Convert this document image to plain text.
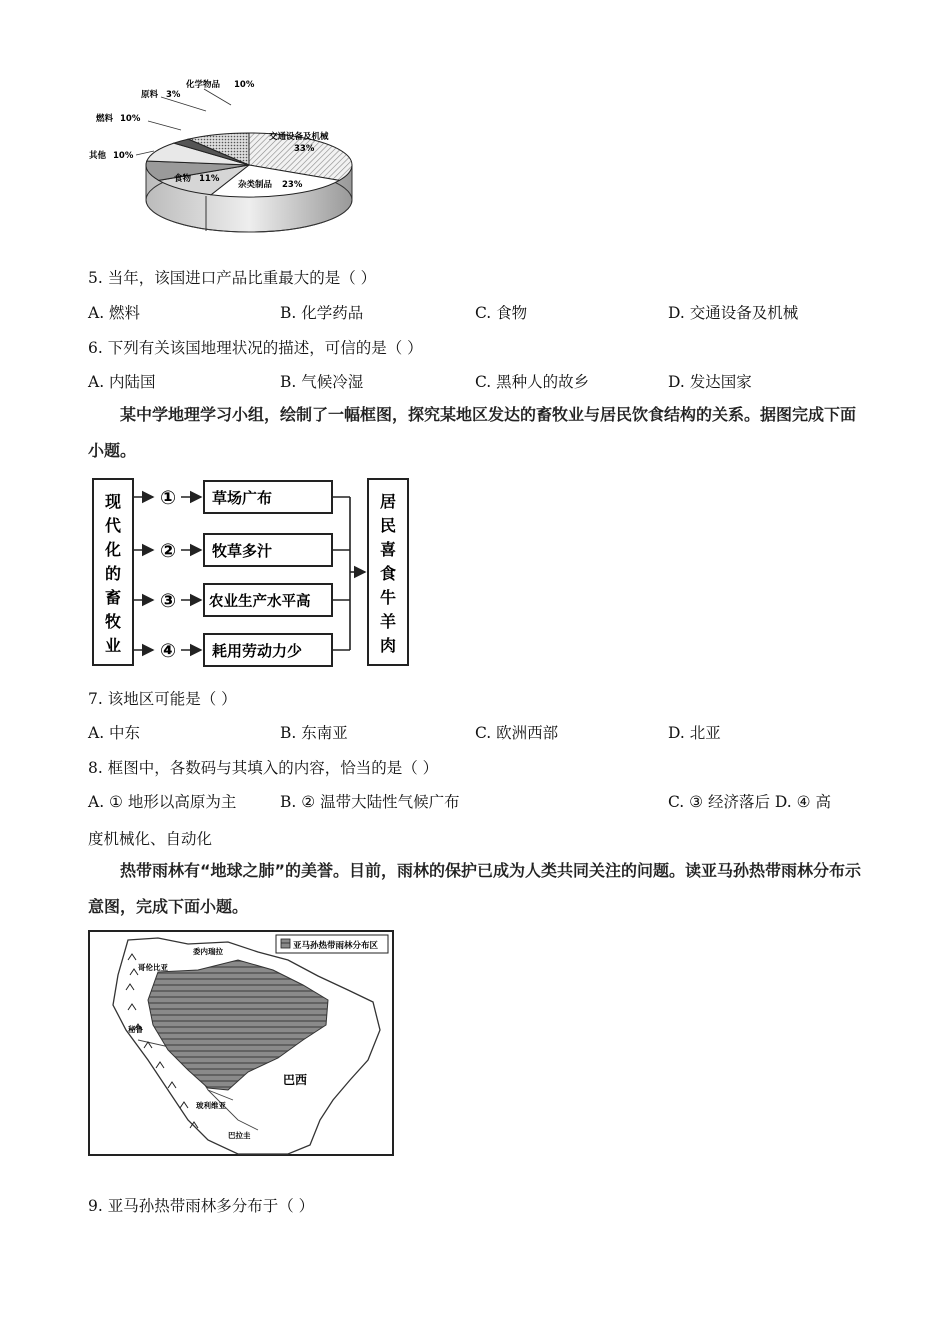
化学物品 10%
原料 3%
燃料 10%
其他 10%
食物 11%
杂类制品 23%
交通设备及机械
33%
5. 当年，该国进口产品比重最大的是（ ）
A. 燃料	B. 化学药品	C. 食物	D. 交通设备及机械
6. 下列有关该国地理状况的描述，可信的是（ ）
A. 内陆国	B. 气候冷湿	C. 黑种人的故乡	D. 发达国家
某中学地理学习小组，绘制了一幅框图，探究某地区发达的畜牧业与居民饮食结构的关系。据图完成下面小题。
现
代
化
的
畜
牧
业
① 草场广布
② 牧草多汁
③ 农业生产水平高
④ 耗用劳动力少
居
民
喜
食
牛
羊
肉
7. 该地区可能是（ ）
A. 中东	B. 东南亚	C. 欧洲西部	D. 北亚
8. 框图中，各数码与其填入的内容，恰当的是（ ）
A. ① 地形以高原为主	B. ② 温带大陆性气候广布	C. ③ 经济落后 D. ④ 高
度机械化、自动化
热带雨林有“地球之肺”的美誉。目前，雨林的保护已成为人类共同关注的问题。读亚马孙热带雨林分布示意图，完成下面小题。
亚马孙热带雨林分布区
委内瑞拉
哥伦比亚
巴西
秘鲁
玻利维亚
巴拉圭
9. 亚马孙热带雨林多分布于（ ）
